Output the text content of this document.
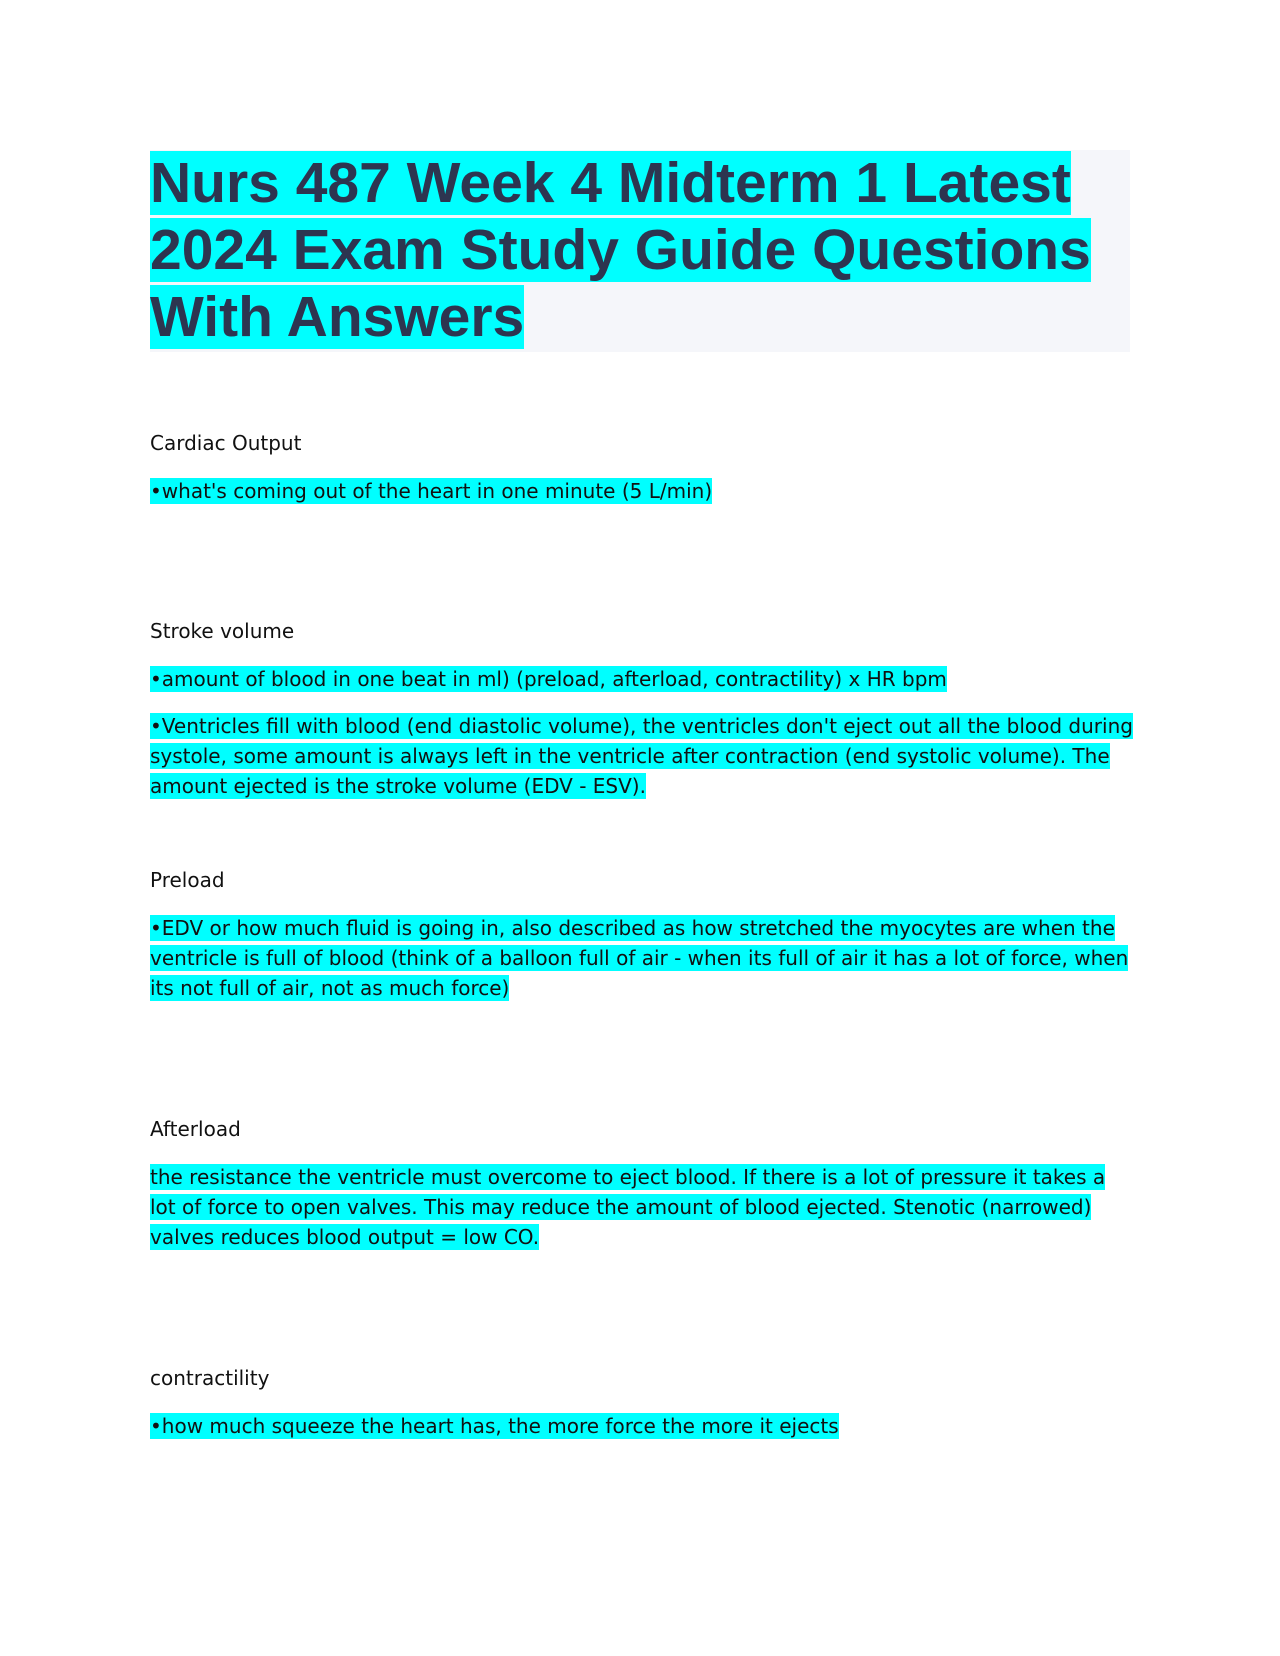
Nurs 487 Week 4 Midterm 1 Latest 2024 Exam Study Guide Questions With Answers

Cardiac Output

•what's coming out of the heart in one minute (5 L/min)

Stroke volume

•amount of blood in one beat in ml) (preload, afterload, contractility) x HR bpm

•Ventricles fill with blood (end diastolic volume), the ventricles don't eject out all the blood during systole, some amount is always left in the ventricle after contraction (end systolic volume). The amount ejected is the stroke volume (EDV - ESV).

Preload

•EDV or how much fluid is going in, also described as how stretched the myocytes are when the ventricle is full of blood (think of a balloon full of air - when its full of air it has a lot of force, when its not full of air, not as much force)

Afterload

the resistance the ventricle must overcome to eject blood. If there is a lot of pressure it takes a lot of force to open valves. This may reduce the amount of blood ejected. Stenotic (narrowed) valves reduces blood output = low CO.

contractility

•how much squeeze the heart has, the more force the more it ejects
